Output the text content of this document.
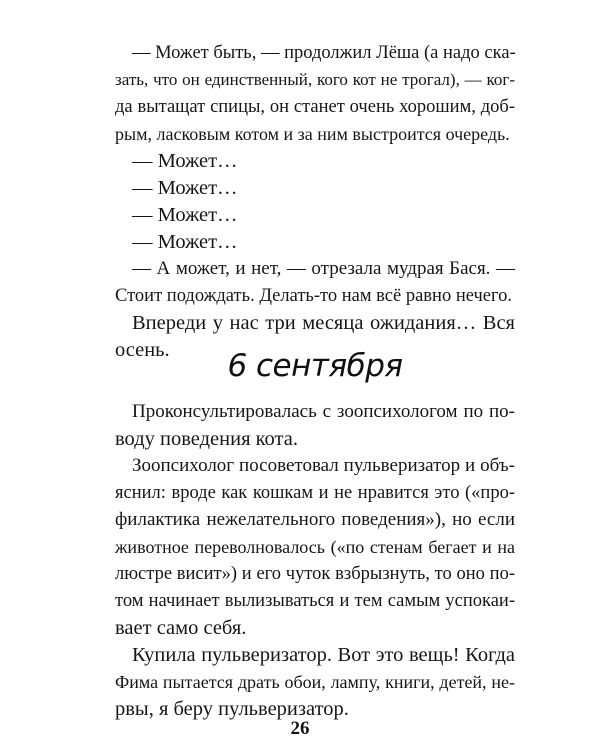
— Может быть, — продолжил Лёша (а надо ска-
зать, что он единственный, кого кот не трогал), — ког-
да вытащат спицы, он станет очень хорошим, доб-
рым, ласковым котом и за ним выстроится очередь.
— Может…
— Может…
— Может…
— Может…
— А может, и нет, — отрезала мудрая Бася. —
Стоит подождать. Делать-то нам всё равно нечего.
Впереди у нас три месяца ожидания… Вся
осень.	6 сентября
Проконсультировалась с зоопсихологом по по-
воду поведения кота.
Зоопсихолог посоветовал пульверизатор и объ-
яснил: вроде как кошкам и не нравится это («про-
филактика нежелательного поведения»), но если
животное переволновалось («по стенам бегает и на
люстре висит») и его чуток взбрызнуть, то оно по-
том начинает вылизываться и тем самым успокаи-
вает само себя.
Купила пульверизатор. Вот это вещь! Когда
Фима пытается драть обои, лампу, книги, детей, не-
рвы, я беру пульверизатор.
26
